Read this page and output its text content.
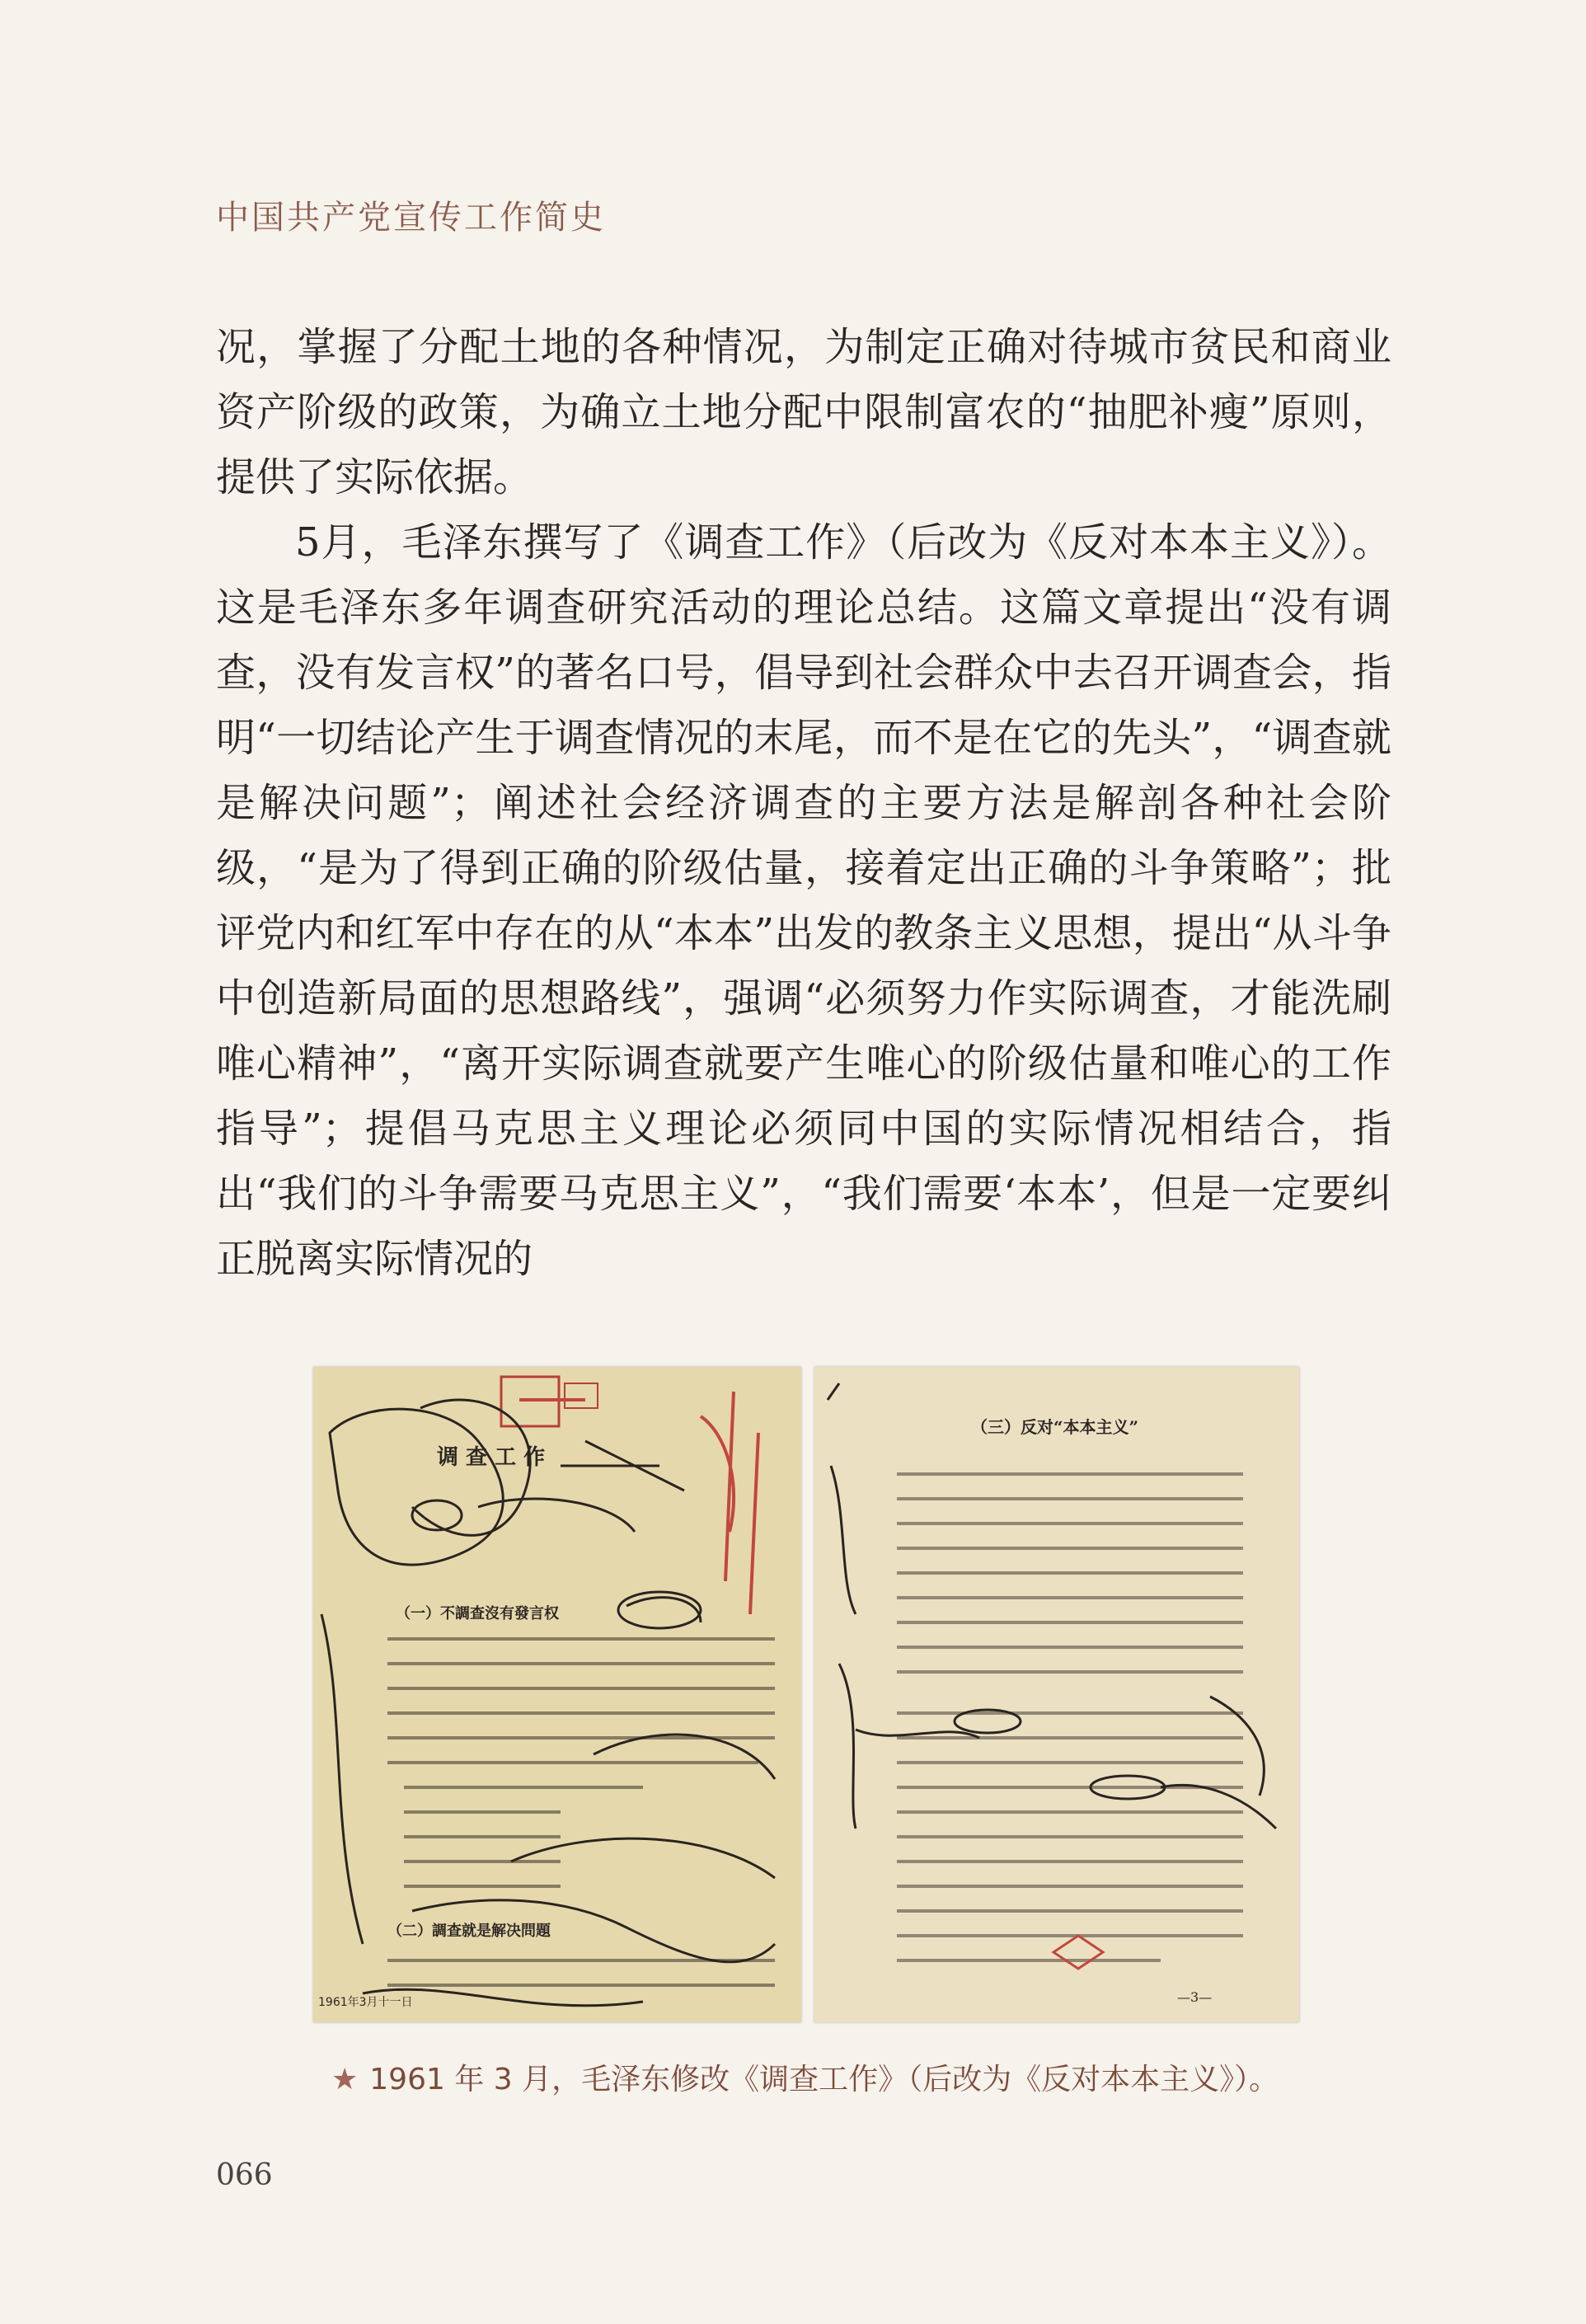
中国共产党宣传工作简史

况，掌握了分配土地的各种情况，为制定正确对待城市贫民和商业资产阶级的政策，为确立土地分配中限制富农的“抽肥补瘦”原则，提供了实际依据。

5月，毛泽东撰写了《调查工作》（后改为《反对本本主义》）。这是毛泽东多年调查研究活动的理论总结。这篇文章提出“没有调查，没有发言权”的著名口号，倡导到社会群众中去召开调查会，指明“一切结论产生于调查情况的末尾，而不是在它的先头”，“调查就是解决问题”；阐述社会经济调查的主要方法是解剖各种社会阶级，“是为了得到正确的阶级估量，接着定出正确的斗争策略”；批评党内和红军中存在的从“本本”出发的教条主义思想，提出“从斗争中创造新局面的思想路线”，强调“必须努力作实际调查，才能洗刷唯心精神”，“离开实际调查就要产生唯心的阶级估量和唯心的工作指导”；提倡马克思主义理论必须同中国的实际情况相结合，指出“我们的斗争需要马克思主义”，“我们需要‘本本’，但是一定要纠正脱离实际情况的

调 查 工 作
（一）不調查沒有發言权
（二）調查就是解决問題
1961年3月十一日
（三）反对“本本主义”
—3—
★ 1961 年 3 月，毛泽东修改《调查工作》（后改为《反对本本主义》）。
066
